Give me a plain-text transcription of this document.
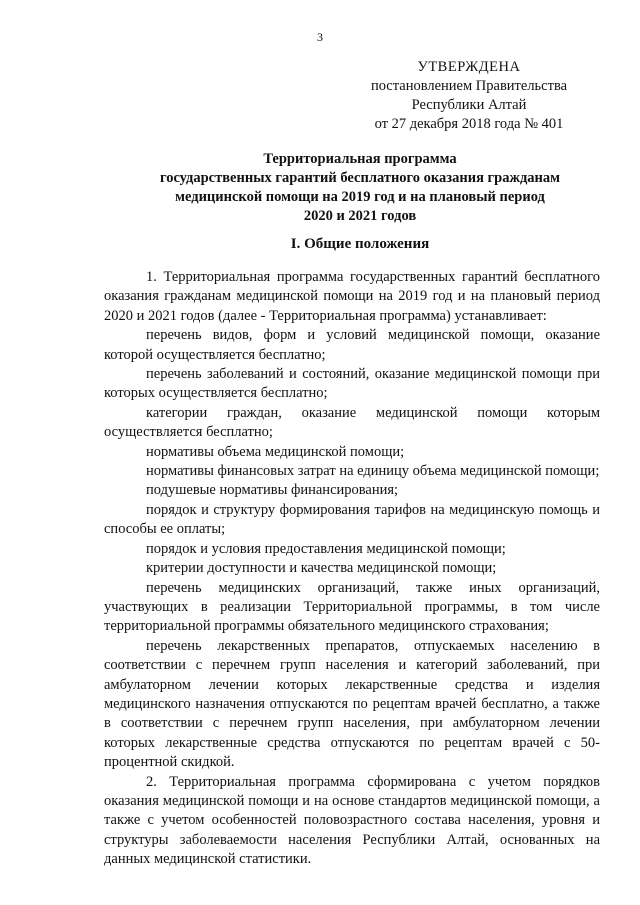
3
УТВЕРЖДЕНА
постановлением Правительства
Республики Алтай
от 27 декабря 2018 года № 401
Территориальная программа
государственных гарантий бесплатного оказания гражданам
медицинской помощи на 2019 год и на плановый период
2020 и 2021 годов
I. Общие положения

1. Территориальная программа государственных гарантий бесплатного оказания гражданам медицинской помощи на 2019 год и на плановый период 2020 и 2021 годов (далее - Территориальная программа) устанавливает:

перечень видов, форм и условий медицинской помощи, оказание которой осуществляется бесплатно;

перечень заболеваний и состояний, оказание медицинской помощи при которых осуществляется бесплатно;

категории граждан, оказание медицинской помощи которым осуществляется бесплатно;

нормативы объема медицинской помощи;

нормативы финансовых затрат на единицу объема медицинской помощи;

подушевые нормативы финансирования;

порядок и структуру формирования тарифов на медицинскую помощь и способы ее оплаты;

порядок и условия предоставления медицинской помощи;

критерии доступности и качества медицинской помощи;

перечень медицинских организаций, также иных организаций, участвующих в реализации Территориальной программы, в том числе территориальной программы обязательного медицинского страхования;

перечень лекарственных препаратов, отпускаемых населению в соответствии с перечнем групп населения и категорий заболеваний, при амбулаторном лечении которых лекарственные средства и изделия медицинского назначения отпускаются по рецептам врачей бесплатно, а также в соответствии с перечнем групп населения, при амбулаторном лечении которых лекарственные средства отпускаются по рецептам врачей с 50-процентной скидкой.

2. Территориальная программа сформирована с учетом порядков оказания медицинской помощи и на основе стандартов медицинской помощи, а также с учетом особенностей половозрастного состава населения, уровня и структуры заболеваемости населения Республики Алтай, основанных на данных медицинской статистики.
